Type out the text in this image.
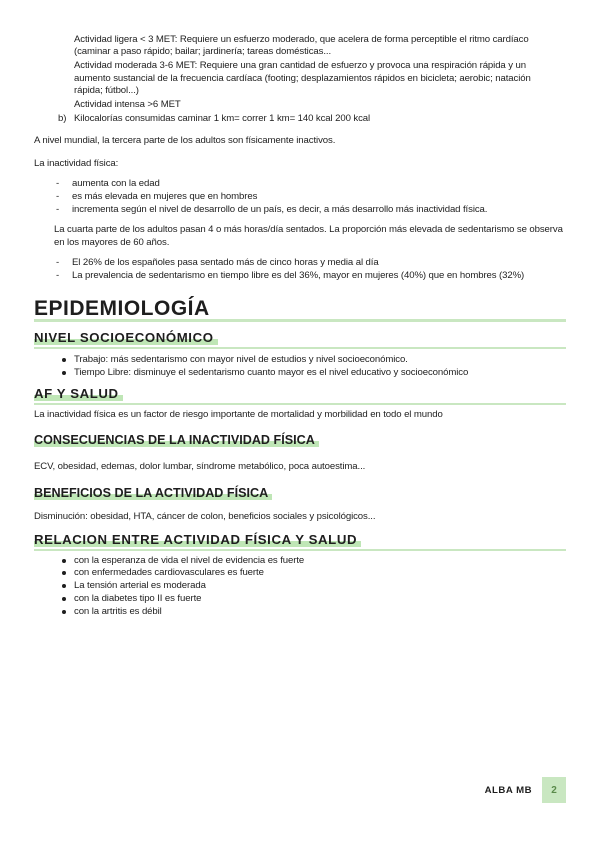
Actividad ligera < 3 MET: Requiere un esfuerzo moderado, que acelera de forma perceptible el ritmo cardíaco (caminar a paso rápido; bailar; jardinería; tareas domésticas...

Actividad moderada 3-6 MET: Requiere una gran cantidad de esfuerzo y provoca una respiración rápida y un aumento sustancial de la frecuencia cardíaca (footing; desplazamientos rápidos en bicicleta; aerobic; natación rápida; fútbol...)

Actividad intensa >6 MET

b) Kilocalorías consumidas caminar 1 km= correr 1 km= 140 kcal 200 kcal

A nivel mundial, la tercera parte de los adultos son físicamente inactivos.

La inactividad física:

- aumenta con la edad
- es más elevada en mujeres que en hombres
- incrementa según el nivel de desarrollo de un país, es decir, a más desarrollo más inactividad física.

La cuarta parte de los adultos pasan 4 o más horas/día sentados. La proporción más elevada de sedentarismo se observa en los mayores de 60 años.

- El 26% de los españoles pasa sentado más de cinco horas y media al día
- La prevalencia de sedentarismo en tiempo libre es del 36%, mayor en mujeres (40%) que en hombres (32%)
EPIDEMIOLOGÍA
NIVEL SOCIOECONÓMICO
Trabajo: más sedentarismo con mayor nivel de estudios y nivel socioeconómico.
Tiempo Libre: disminuye el sedentarismo cuanto mayor es el nivel educativo y socioeconómico
AF Y SALUD

La inactividad física es un factor de riesgo importante de mortalidad y morbilidad en todo el mundo

CONSECUENCIAS DE LA INACTIVIDAD FÍSICA

ECV, obesidad, edemas, dolor lumbar, síndrome metabólico, poca autoestima...

BENEFICIOS DE LA ACTIVIDAD FÍSICA

Disminución: obesidad, HTA, cáncer de colon, beneficios sociales y psicológicos...

RELACION ENTRE ACTIVIDAD FÍSICA Y SALUD
con la esperanza de vida el nivel de evidencia es fuerte
con enfermedades cardiovasculares es fuerte
La tensión arterial es moderada
con la diabetes tipo II es fuerte
con la artritis es débil
ALBA MB	2
